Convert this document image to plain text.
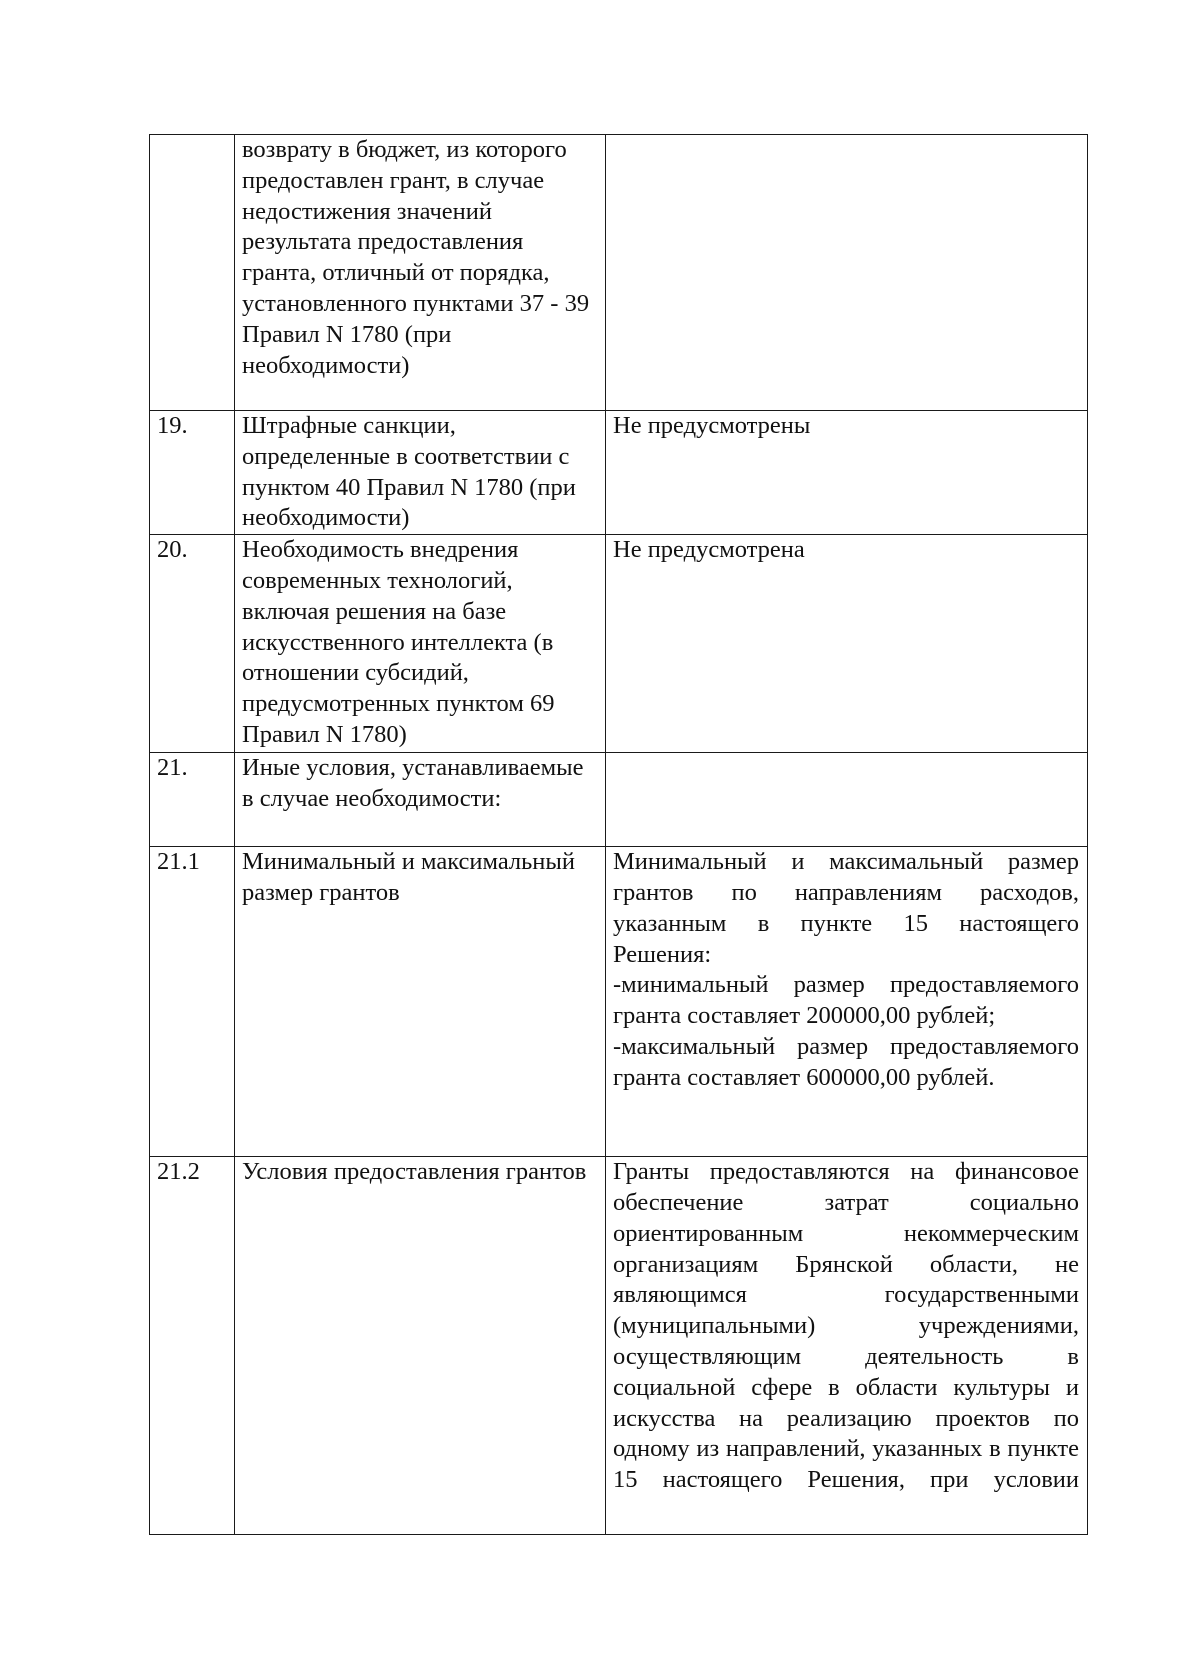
	возврату в бюджет, из которого предоставлен грант, в случае недостижения значений результата предоставления гранта, отличный от порядка, установленного пунктами 37 - 39 Правил N 1780 (при необходимости)	
19.	Штрафные санкции, определенные в соответствии с пунктом 40 Правил N 1780 (при необходимости)	Не предусмотрены
20.	Необходимость внедрения современных технологий, включая решения на базе искусственного интеллекта (в отношении субсидий, предусмотренных пунктом 69 Правил N 1780)	Не предусмотрена
21.	Иные условия, устанавливаемые в случае необходимости:	
21.1	Минимальный и максимальный размер грантов	Минимальный и максимальный размер грантов по направлениям расходов, указанным в пункте 15 настоящего Решения:
-минимальный размер предоставляемого гранта составляет 200000,00 рублей;
-максимальный размер предоставляемого гранта составляет 600000,00 рублей.

21.2	Условия предоставления грантов	Гранты предоставляются на финансовое обеспечение затрат социально ориентированным некоммерческим организациям Брянской области, не являющимся государственными (муниципальными) учреждениями, осуществляющим деятельность в социальной сфере в области культуры и искусства на реализацию проектов по одному из направлений, указанных в пункте 15 настоящего Решения, при условии
